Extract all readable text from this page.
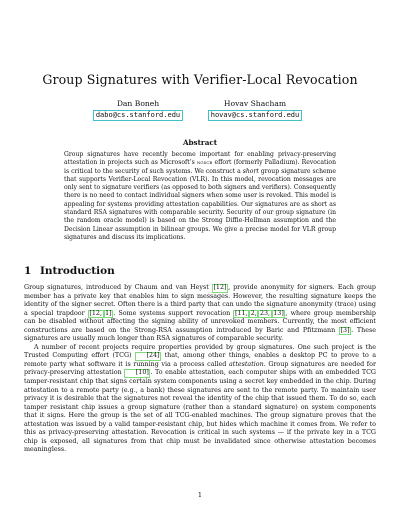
Group Signatures with Verifier-Local Revocation
Dan Boneh
dabo@cs.stanford.edu
Hovav Shacham
hovav@cs.stanford.edu
Abstract

Group signatures have recently become important for enabling privacy-preserving attestation in projects such as Microsoft’s ngscb effort (formerly Palladium). Revocation is critical to the security of such systems. We construct a short group signature scheme that supports Verifier-Local Revocation (VLR). In this model, revocation messages are only sent to signature verifiers (as opposed to both signers and verifiers). Consequently there is no need to contact individual signers when some user is revoked. This model is appealing for systems providing attestation capabilities. Our signatures are as short as standard RSA signatures with comparable security. Security of our group signature (in the random oracle model) is based on the Strong Diffie-Hellman assumption and the Decision Linear assumption in bilinear groups. We give a precise model for VLR group signatures and discuss its implications.

1 Introduction

Group signatures, introduced by Chaum and van Heyst [12] , provide anonymity for signers. Each group member has a private key that enables him to sign messages. However, the resulting signature keeps the identity of the signer secret. Often there is a third party that can undo the signature anonymity (trace) using a special trapdoor [12, 1] . Some systems support revocation [11, 2, 23, 13] , where group membership can be disabled without affecting the signing ability of unrevoked members. Currently, the most efficient constructions are based on the Strong-RSA assumption introduced by Baric and Pfitzmann [3] . These signatures are usually much longer than RSA signatures of comparable security.

A number of recent projects require properties provided by group signatures. One such project is the Trusted Computing effort (TCG) [24] that, among other things, enables a desktop PC to prove to a remote party what software it is running via a process called attestation. Group signatures are needed for privacy-preserving attestation [10] . To enable attestation, each computer ships with an embedded TCG tamper-resistant chip that signs certain system components using a secret key embedded in the chip. During attestation to a remote party (e.g., a bank) these signatures are sent to the remote party. To maintain user privacy it is desirable that the signatures not reveal the identity of the chip that issued them. To do so, each tamper resistant chip issues a group signature (rather than a standard signature) on system components that it signs. Here the group is the set of all TCG-enabled machines. The group signature proves that the attestation was issued by a valid tamper-resistant chip, but hides which machine it comes from. We refer to this as privacy-preserving attestation. Revocation is critical in such systems — if the private key in a TCG chip is exposed, all signatures from that chip must be invalidated since otherwise attestation becomes meaningless.

1
